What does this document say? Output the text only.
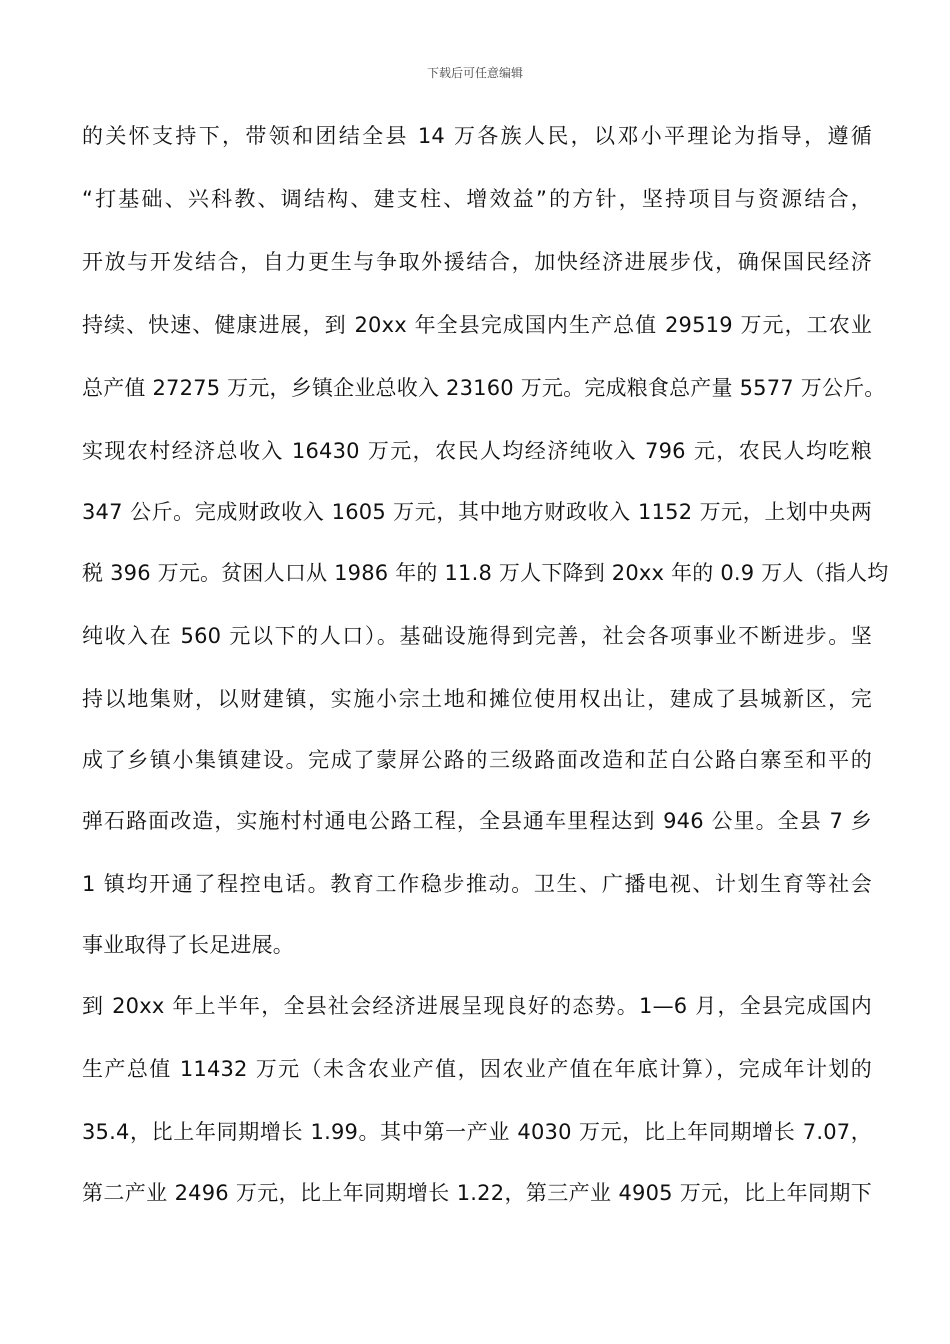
下载后可任意编辑
的关怀支持下，带领和团结全县 14 万各族人民，以邓小平理论为指导，遵循
“打基础、兴科教、调结构、建支柱、增效益”的方针，坚持项目与资源结合，
开放与开发结合，自力更生与争取外援结合，加快经济进展步伐，确保国民经济
持续、快速、健康进展，到 20xx 年全县完成国内生产总值 29519 万元，工农业
总产值 27275 万元，乡镇企业总收入 23160 万元。完成粮食总产量 5577 万公斤。
实现农村经济总收入 16430 万元，农民人均经济纯收入 796 元，农民人均吃粮
347 公斤。完成财政收入 1605 万元，其中地方财政收入 1152 万元，上划中央两
税 396 万元。贫困人口从 1986 年的 11.8 万人下降到 20xx 年的 0.9 万人（指人均
纯收入在 560 元以下的人口）。基础设施得到完善，社会各项事业不断进步。坚
持以地集财，以财建镇，实施小宗土地和摊位使用权出让，建成了县城新区，完
成了乡镇小集镇建设。完成了蒙屏公路的三级路面改造和芷白公路白寨至和平的
弹石路面改造，实施村村通电公路工程，全县通车里程达到 946 公里。全县 7 乡
1 镇均开通了程控电话。教育工作稳步推动。卫生、广播电视、计划生育等社会
事业取得了长足进展。
到 20xx 年上半年，全县社会经济进展呈现良好的态势。1—6 月，全县完成国内
生产总值 11432 万元（未含农业产值，因农业产值在年底计算），完成年计划的
35.4，比上年同期增长 1.99。其中第一产业 4030 万元，比上年同期增长 7.07，
第二产业 2496 万元，比上年同期增长 1.22，第三产业 4905 万元，比上年同期下
